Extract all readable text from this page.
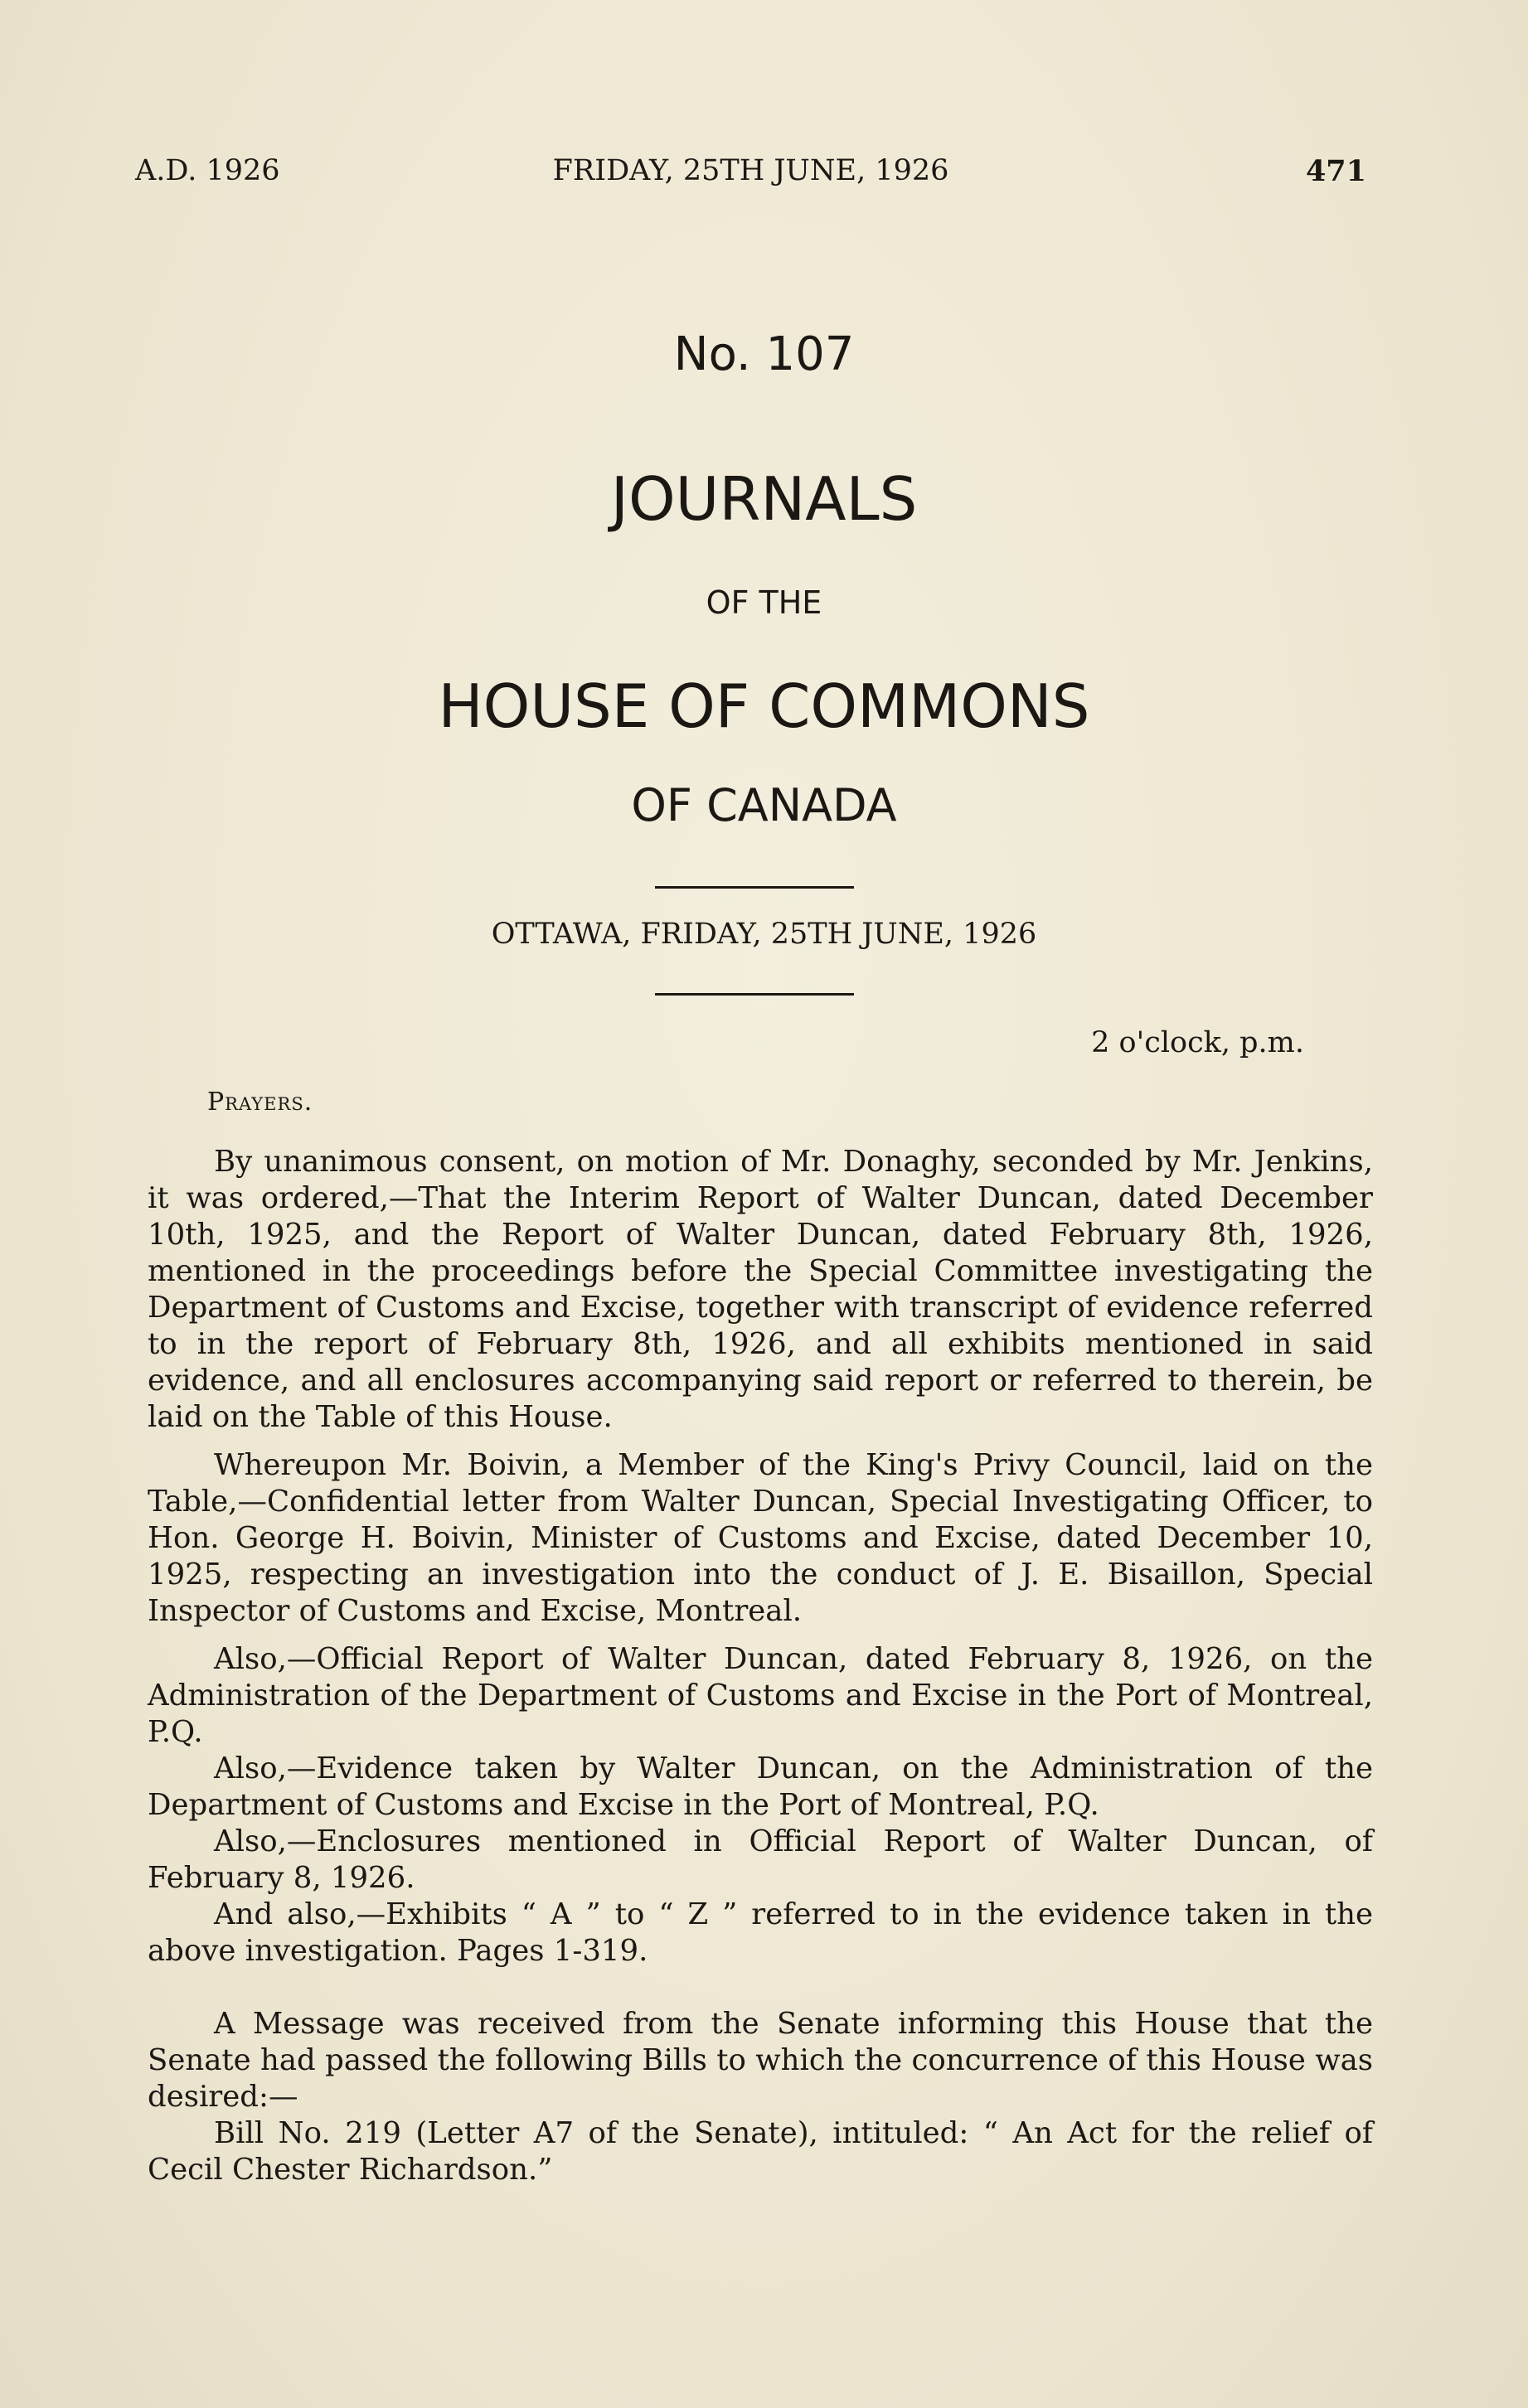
A.D. 1926	FRIDAY, 25TH JUNE, 1926	471
No. 107
JOURNALS
OF THE
HOUSE OF COMMONS
OF CANADA
OTTAWA, FRIDAY, 25TH JUNE, 1926
2 o'clock, p.m.
Prayers.

By unanimous consent, on motion of Mr. Donaghy, seconded by Mr. Jenkins, it was ordered,—That the Interim Report of Walter Duncan, dated December 10th, 1925, and the Report of Walter Duncan, dated February 8th, 1926, mentioned in the proceedings before the Special Committee investigating the Department of Customs and Excise, together with transcript of evidence referred to in the report of February 8th, 1926, and all exhibits mentioned in said evidence, and all enclosures accompanying said report or referred to therein, be laid on the Table of this House.

Whereupon Mr. Boivin, a Member of the King's Privy Council, laid on the Table,—Confidential letter from Walter Duncan, Special Investigating Officer, to Hon. George H. Boivin, Minister of Customs and Excise, dated December 10, 1925, respecting an investigation into the conduct of J. E. Bisaillon, Special Inspector of Customs and Excise, Montreal.

Also,—Official Report of Walter Duncan, dated February 8, 1926, on the Administration of the Department of Customs and Excise in the Port of Montreal, P.Q.

Also,—Evidence taken by Walter Duncan, on the Administration of the Department of Customs and Excise in the Port of Montreal, P.Q.

Also,—Enclosures mentioned in Official Report of Walter Duncan, of February 8, 1926.

And also,—Exhibits “ A ” to “ Z ” referred to in the evidence taken in the above investigation. Pages 1-319.

A Message was received from the Senate informing this House that the Senate had passed the following Bills to which the concurrence of this House was desired:—

Bill No. 219 (Letter A7 of the Senate), intituled: “ An Act for the relief of Cecil Chester Richardson.”
